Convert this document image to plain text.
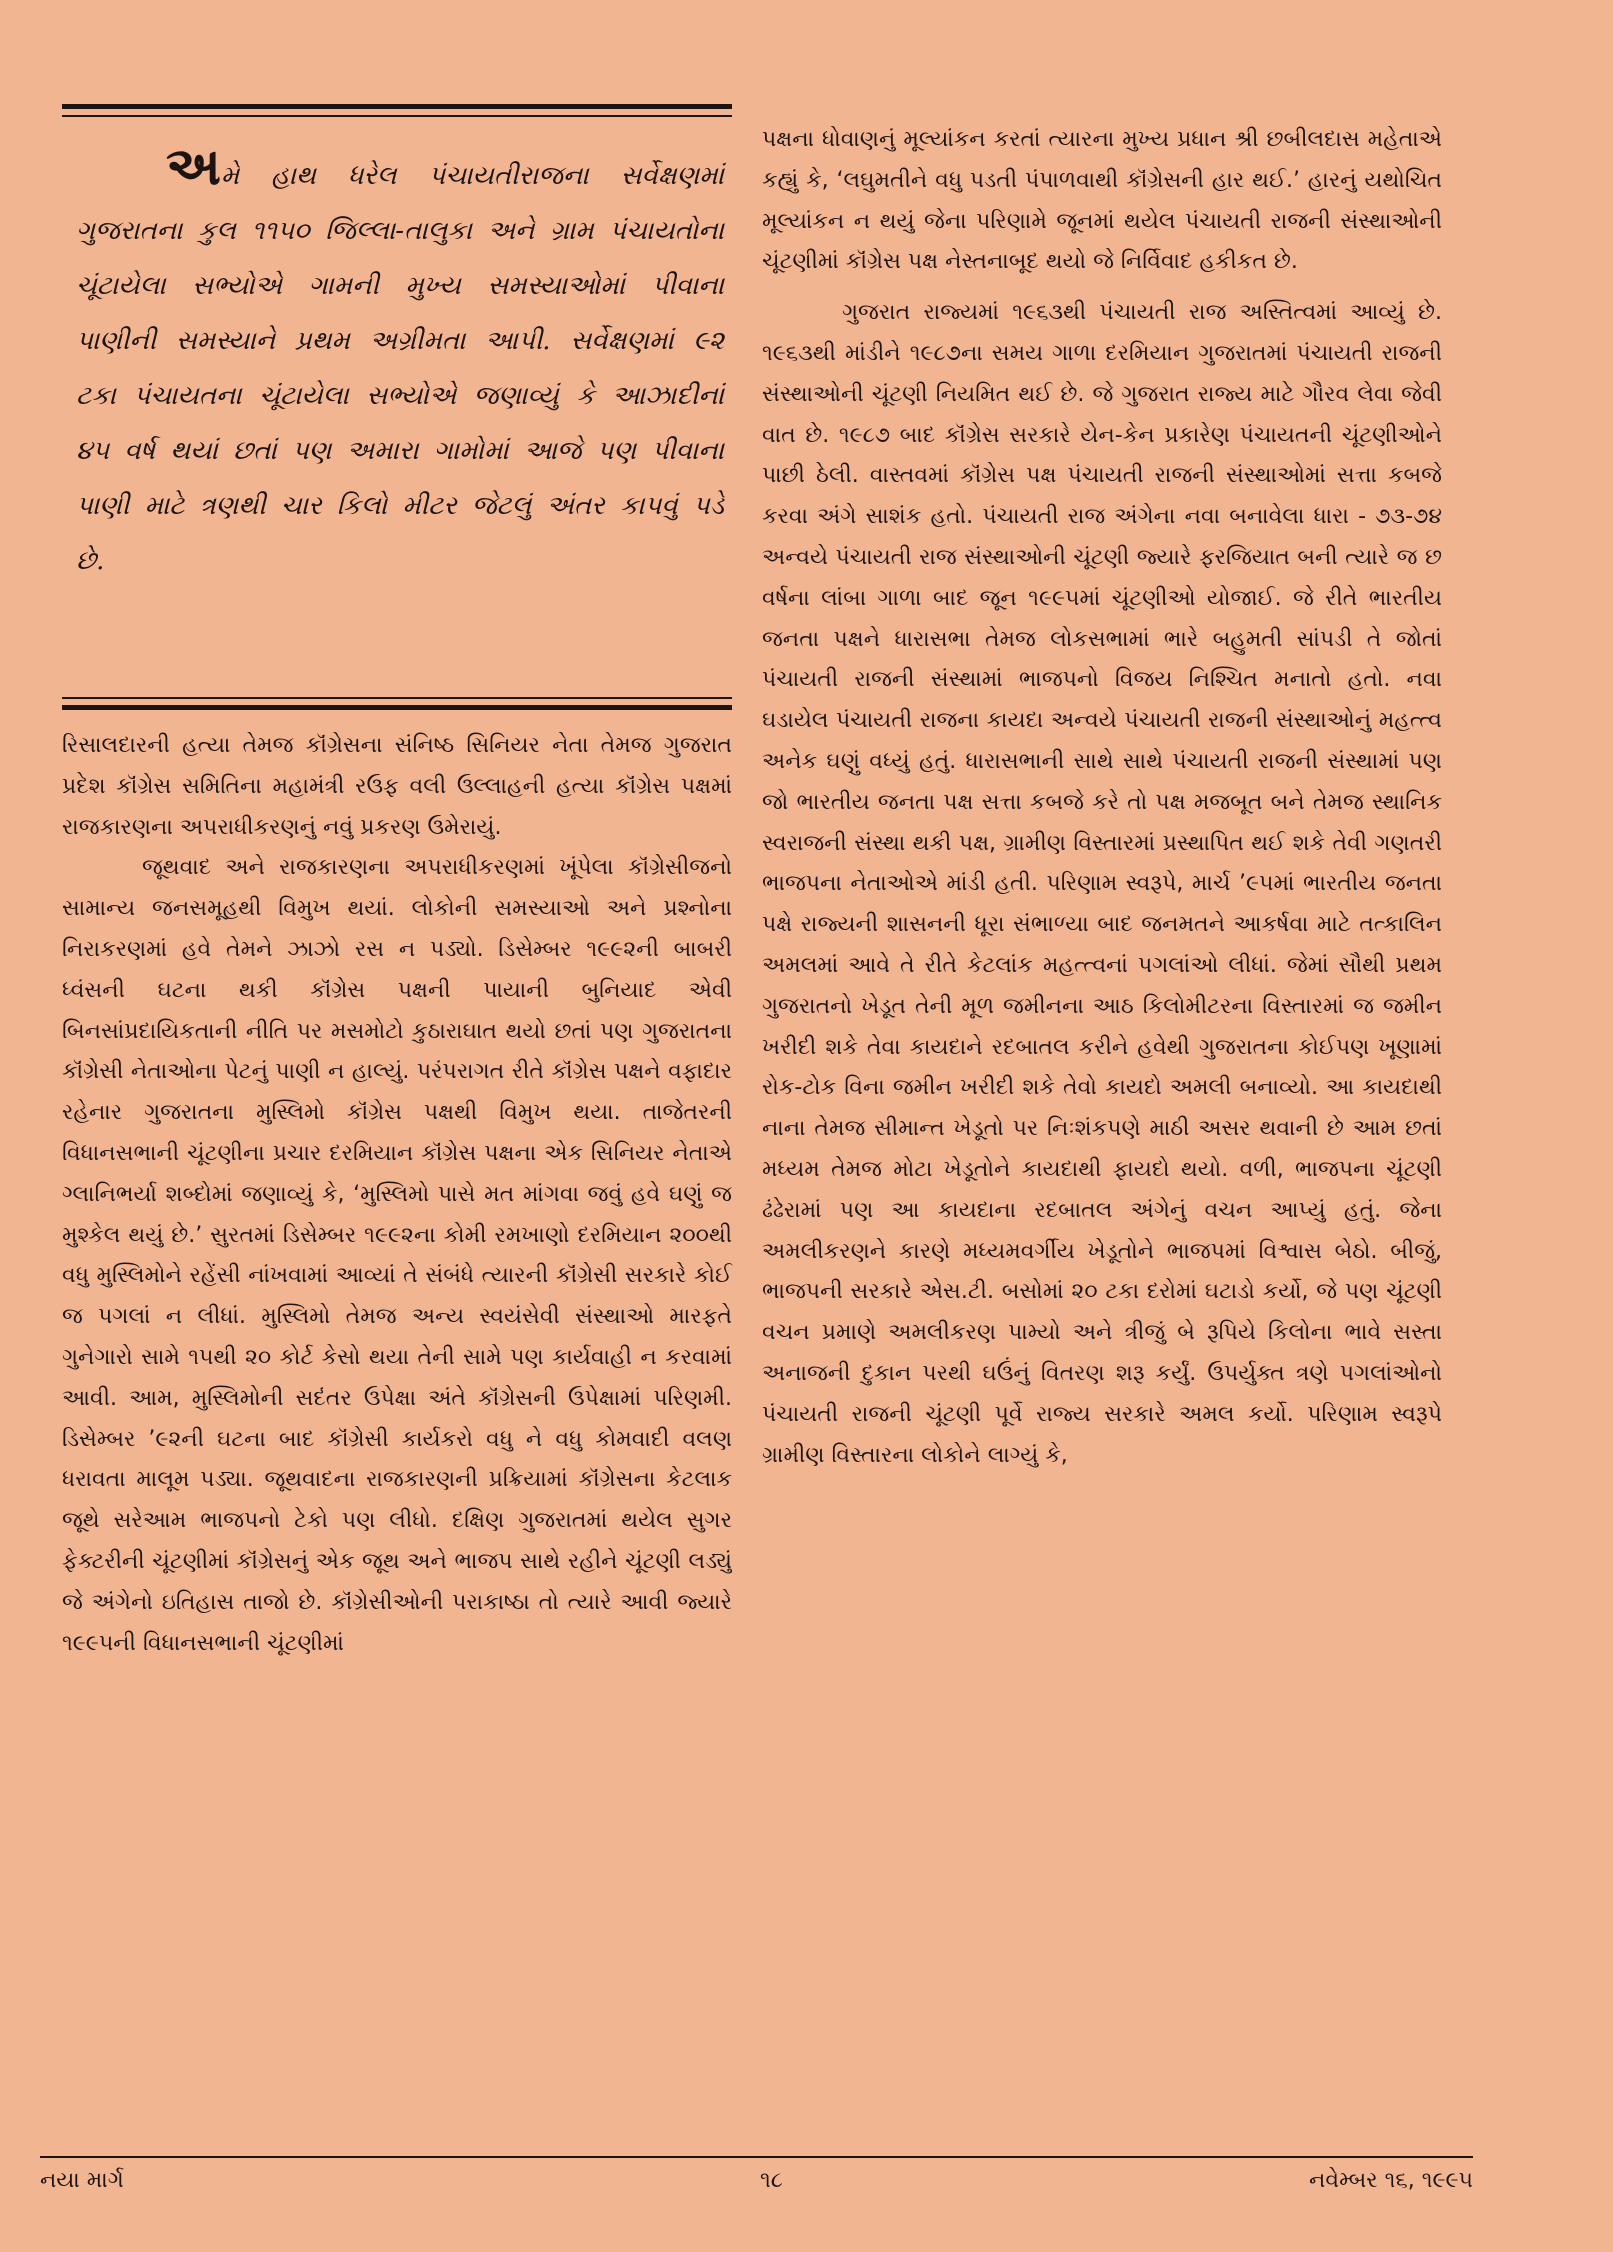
અમે હાથ ધરેલ પંચાયતીરાજના સર્વેક્ષણમાં ગુજરાતના કુલ ૧૧૫૦ જિલ્લા-તાલુકા અને ગ્રામ પંચાયતોના ચૂંટાયેલા સભ્યોએ ગામની મુખ્ય સમસ્યાઓમાં પીવાના પાણીની સમસ્યાને પ્રથમ અગ્રીમતા આપી. સર્વેક્ષણમાં ૯૨ ટકા પંચાયતના ચૂંટાયેલા સભ્યોએ જણાવ્યું કે આઝાદીનાં ૪૫ વર્ષ થયાં છતાં પણ અમારા ગામોમાં આજે પણ પીવાના પાણી માટે ત્રણથી ચાર કિલો મીટર જેટલું અંતર કાપવું પડે છે.

રિસાલદારની હત્યા તેમજ કૉંગ્રેસના સંનિષ્ઠ સિનિયર નેતા તેમજ ગુજરાત પ્રદેશ કૉંગ્રેસ સમિતિના મહામંત્રી રઉફ વલી ઉલ્લાહની હત્યા કૉંગ્રેસ પક્ષમાં રાજકારણના અપરાધીકરણનું નવું પ્રકરણ ઉમેરાયું.

જૂથવાદ અને રાજકારણના અપરાધીકરણમાં ખૂંપેલા કૉંગ્રેસીજનો સામાન્ય જનસમૂહથી વિમુખ થયાં. લોકોની સમસ્યાઓ અને પ્રશ્નોના નિરાકરણમાં હવે તેમને ઝાઝો રસ ન પડ્યો. ડિસેમ્બર ૧૯૯૨ની બાબરી ધ્વંસની ઘટના થકી કૉંગ્રેસ પક્ષની પાયાની બુનિયાદ એવી બિનસાંપ્રદાયિકતાની નીતિ પર મસમોટો કુઠારાઘાત થયો છતાં પણ ગુજરાતના કૉંગ્રેસી નેતાઓના પેટનું પાણી ન હાલ્યું. પરંપરાગત રીતે કૉંગ્રેસ પક્ષને વફાદાર રહેનાર ગુજરાતના મુસ્લિમો કૉંગ્રેસ પક્ષથી વિમુખ થયા. તાજેતરની વિધાનસભાની ચૂંટણીના પ્રચાર દરમિયાન કૉંગ્રેસ પક્ષના એક સિનિયર નેતાએ ગ્લાનિભર્યા શબ્દોમાં જણાવ્યું કે, ‘મુસ્લિમો પાસે મત માંગવા જવું હવે ઘણું જ મુશ્કેલ થયું છે.’ સુરતમાં ડિસેમ્બર ૧૯૯૨ના કોમી રમખાણો દરમિયાન ૨૦૦થી વધુ મુસ્લિમોને રહેંસી નાંખવામાં આવ્યાં તે સંબંધે ત્યારની કૉંગ્રેસી સરકારે કોઈ જ પગલાં ન લીધાં. મુસ્લિમો તેમજ અન્ય સ્વયંસેવી સંસ્થાઓ મારફતે ગુનેગારો સામે ૧૫થી ૨૦ કોર્ટ કેસો થયા તેની સામે પણ કાર્યવાહી ન કરવામાં આવી. આમ, મુસ્લિમોની સદંતર ઉપેક્ષા અંતે કૉંગ્રેસની ઉપેક્ષામાં પરિણમી. ડિસેમ્બર ’૯૨ની ઘટના બાદ કૉંગ્રેસી કાર્યકરો વધુ ને વધુ કોમવાદી વલણ ધરાવતા માલૂમ પડ્યા. જૂથવાદના રાજકારણની પ્રક્રિયામાં કૉંગ્રેસના કેટલાક જૂથે સરેઆમ ભાજપનો ટેકો પણ લીધો. દક્ષિણ ગુજરાતમાં થયેલ સુગર ફેક્ટરીની ચૂંટણીમાં કૉંગ્રેસનું એક જૂથ અને ભાજપ સાથે રહીને ચૂંટણી લડ્યું જે અંગેનો ઇતિહાસ તાજો છે. કૉંગ્રેસીઓની પરાકાષ્ઠા તો ત્યારે આવી જ્યારે ૧૯૯૫ની વિધાનસભાની ચૂંટણીમાં

પક્ષના ધોવાણનું મૂલ્યાંકન કરતાં ત્યારના મુખ્ય પ્રધાન શ્રી છબીલદાસ મહેતાએ કહ્યું કે, ‘લઘુમતીને વધુ પડતી પંપાળવાથી કૉંગ્રેસની હાર થઈ.’ હારનું યથોચિત મૂલ્યાંકન ન થયું જેના પરિણામે જૂનમાં થયેલ પંચાયતી રાજની સંસ્થાઓની ચૂંટણીમાં કૉંગ્રેસ પક્ષ નેસ્તનાબૂદ થયો જે નિર્વિવાદ હકીકત છે.

ગુજરાત રાજ્યમાં ૧૯૬૩થી પંચાયતી રાજ અસ્તિત્વમાં આવ્યું છે. ૧૯૬૩થી માંડીને ૧૯૮૭ના સમય ગાળા દરમિયાન ગુજરાતમાં પંચાયતી રાજની સંસ્થાઓની ચૂંટણી નિયમિત થઈ છે. જે ગુજરાત રાજ્ય માટે ગૌરવ લેવા જેવી વાત છે. ૧૯૮૭ બાદ કૉંગ્રેસ સરકારે યેન-કેન પ્રકારેણ પંચાયતની ચૂંટણીઓને પાછી ઠેલી. વાસ્તવમાં કૉંગ્રેસ પક્ષ પંચાયતી રાજની સંસ્થાઓમાં સત્તા કબજે કરવા અંગે સાશંક હતો. પંચાયતી રાજ અંગેના નવા બનાવેલા ધારા - ૭૩-૭૪ અન્વયે પંચાયતી રાજ સંસ્થાઓની ચૂંટણી જ્યારે ફરજિયાત બની ત્યારે જ છ વર્ષના લાંબા ગાળા બાદ જૂન ૧૯૯૫માં ચૂંટણીઓ યોજાઈ. જે રીતે ભારતીય જનતા પક્ષને ધારાસભા તેમજ લોકસભામાં ભારે બહુમતી સાંપડી તે જોતાં પંચાયતી રાજની સંસ્થામાં ભાજપનો વિજય નિશ્ચિત મનાતો હતો. નવા ઘડાયેલ પંચાયતી રાજના કાયદા અન્વયે પંચાયતી રાજની સંસ્થાઓનું મહત્ત્વ અનેક ઘણું વધ્યું હતું. ધારાસભાની સાથે સાથે પંચાયતી રાજની સંસ્થામાં પણ જો ભારતીય જનતા પક્ષ સત્તા કબજે કરે તો પક્ષ મજબૂત બને તેમજ સ્થાનિક સ્વરાજની સંસ્થા થકી પક્ષ, ગ્રામીણ વિસ્તારમાં પ્રસ્થાપિત થઈ શકે તેવી ગણતરી ભાજપના નેતાઓએ માંડી હતી. પરિણામ સ્વરૂપે, માર્ચ ’૯૫માં ભારતીય જનતા પક્ષે રાજ્યની શાસનની ધૂરા સંભાળ્યા બાદ જનમતને આકર્ષવા માટે તત્કાલિન અમલમાં આવે તે રીતે કેટલાંક મહત્ત્વનાં પગલાંઓ લીધાં. જેમાં સૌથી પ્રથમ ગુજરાતનો ખેડૂત તેની મૂળ જમીનના આઠ કિલોમીટરના વિસ્તારમાં જ જમીન ખરીદી શકે તેવા કાયદાને રદબાતલ કરીને હવેથી ગુજરાતના કોઈપણ ખૂણામાં રોક-ટોક વિના જમીન ખરીદી શકે તેવો કાયદો અમલી બનાવ્યો. આ કાયદાથી નાના તેમજ સીમાન્ત ખેડૂતો પર નિઃશંકપણે માઠી અસર થવાની છે આમ છતાં મધ્યમ તેમજ મોટા ખેડૂતોને કાયદાથી ફાયદો થયો. વળી, ભાજપના ચૂંટણી ઢંઢેરામાં પણ આ કાયદાના રદબાતલ અંગેનું વચન આપ્યું હતું. જેના અમલીકરણને કારણે મધ્યમવર્ગીય ખેડૂતોને ભાજપમાં વિશ્વાસ બેઠો. બીજું, ભાજપની સરકારે એસ.ટી. બસોમાં ૨૦ ટકા દરોમાં ઘટાડો કર્યો, જે પણ ચૂંટણી વચન પ્રમાણે અમલીકરણ પામ્યો અને ત્રીજું બે રૂપિયે કિલોના ભાવે સસ્તા અનાજની દુકાન પરથી ઘઉંનું વિતરણ શરૂ કર્યું. ઉપર્યુક્ત ત્રણે પગલાંઓનો પંચાયતી રાજની ચૂંટણી પૂર્વે રાજ્ય સરકારે અમલ કર્યો. પરિણામ સ્વરૂપે ગ્રામીણ વિસ્તારના લોકોને લાગ્યું કે,

નયા માર્ગ	૧૮	નવેમ્બર ૧૬, ૧૯૯૫
